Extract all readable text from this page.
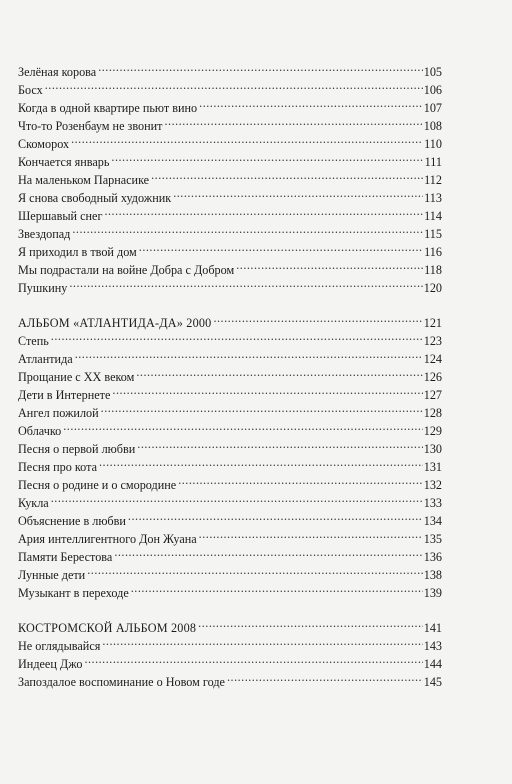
Зелёная корова .....	105
Босх .....	106
Когда в одной квартире пьют вино .....	107
Что-то Розенбаум не звонит .....	108
Скоморох .....	110
Кончается январь .....	111
На маленьком Парнасике .....	112
Я снова свободный художник .....	113
Шершавый снег .....	114
Звездопад .....	115
Я приходил в твой дом .....	116
Мы подрастали на войне Добра с Добром .....	118
Пушкину .....	120
АЛЬБОМ «АТЛАНТИДА-ДА» 2000 .....	121
Степь .....	123
Атлантида .....	124
Прощание с XX веком .....	126
Дети в Интернете .....	127
Ангел пожилой .....	128
Облачко .....	129
Песня о первой любви .....	130
Песня про кота .....	131
Песня о родине и о смородине .....	132
Кукла .....	133
Объяснение в любви .....	134
Ария интеллигентного Дон Жуана .....	135
Памяти Берестова .....	136
Лунные дети .....	138
Музыкант в переходе .....	139
КОСТРОМСКОЙ АЛЬБОМ 2008 .....	141
Не оглядывайся .....	143
Индеец Джо .....	144
Запоздалое воспоминание о Новом годе .....	145
